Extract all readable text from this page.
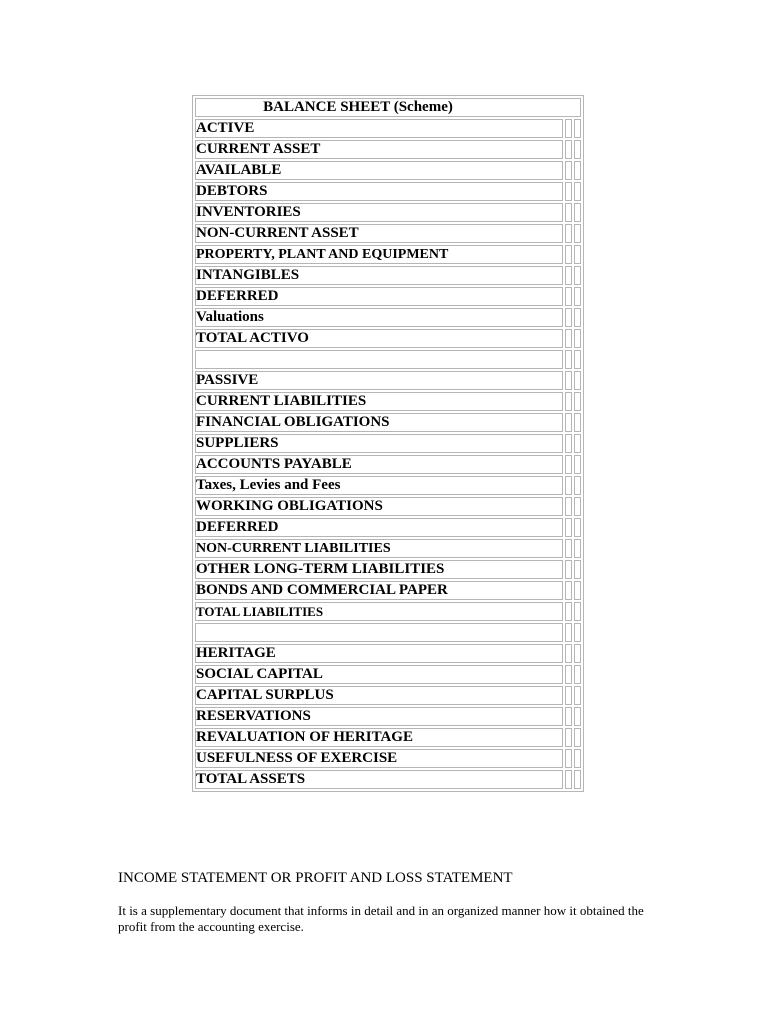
BALANCE SHEET (Scheme)		
ACTIVE		
CURRENT ASSET		
AVAILABLE		
DEBTORS		
INVENTORIES		
NON-CURRENT ASSET		
PROPERTY, PLANT AND EQUIPMENT		
INTANGIBLES		
DEFERRED		
Valuations		
TOTAL ACTIVO		

PASSIVE		
CURRENT LIABILITIES		
FINANCIAL OBLIGATIONS		
SUPPLIERS		
ACCOUNTS PAYABLE		
Taxes, Levies and Fees		
WORKING OBLIGATIONS		
DEFERRED		
NON-CURRENT LIABILITIES		
OTHER LONG-TERM LIABILITIES		
BONDS AND COMMERCIAL PAPER		
TOTAL LIABILITIES		

HERITAGE		
SOCIAL CAPITAL		
CAPITAL SURPLUS		
RESERVATIONS		
REVALUATION OF HERITAGE		
USEFULNESS OF EXERCISE		
TOTAL ASSETS		

INCOME STATEMENT OR PROFIT AND LOSS STATEMENT

It is a supplementary document that informs in detail and in an organized manner how it obtained the profit from the accounting exercise.
